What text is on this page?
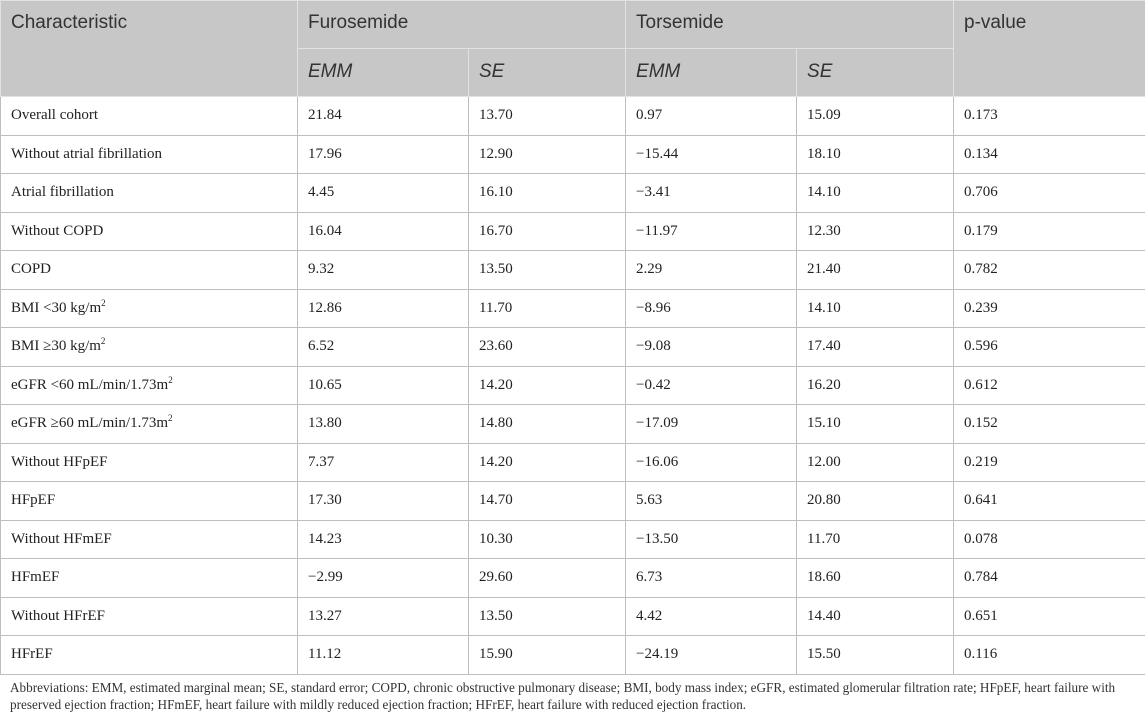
Characteristic	Furosemide		Torsemide		p-value
	EMM	SE	EMM	SE	
Overall cohort	21.84	13.70	0.97	15.09	0.173
Without atrial fibrillation	17.96	12.90	−15.44	18.10	0.134
Atrial fibrillation	4.45	16.10	−3.41	14.10	0.706
Without COPD	16.04	16.70	−11.97	12.30	0.179
COPD	9.32	13.50	2.29	21.40	0.782
BMI <30 $kg/m^2$	12.86	11.70	−8.96	14.10	0.239
BMI ≥30 $kg/m^2$	6.52	23.60	−9.08	17.40	0.596
eGFR <60 $mL/\min/1.73m^2$	10.65	14.20	−0.42	16.20	0.612
eGFR ≥60 $mL/\min/1.73m^2$	13.80	14.80	−17.09	15.10	0.152
Without HFpEF	7.37	14.20	−16.06	12.00	0.219
HFpEF	17.30	14.70	5.63	20.80	0.641
Without HFmEF	14.23	10.30	−13.50	11.70	0.078
HFmEF	−2.99	29.60	6.73	18.60	0.784
Without HFrEF	13.27	13.50	4.42	14.40	0.651
HFrEF	11.12	15.90	−24.19	15.50	0.116
Abbreviations: EMM, estimated marginal mean; SE, standard error; COPD, chronic obstructive pulmonary disease; BMI, body mass index; eGFR, estimated glomerular filtration rate; HFpEF, heart failure with preserved ejection fraction; HFmEF, heart failure with mildly reduced ejection fraction; HFrEF, heart failure with reduced ejection fraction.
